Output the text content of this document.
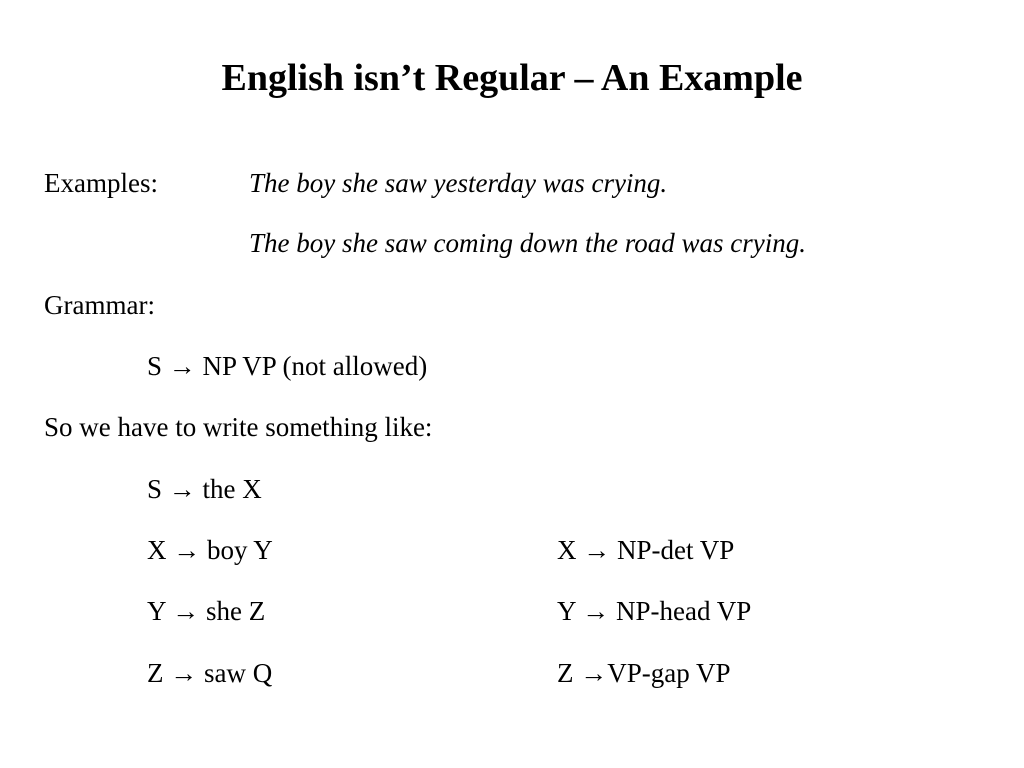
English isn’t Regular – An Example
Examples:	The boy she saw yesterday was crying.
The boy she saw coming down the road was crying.
Grammar:
S → NP VP (not allowed)
So we have to write something like:
S → the X
X → boy Y
Y → she Z
Z → saw Q
X → NP-det VP
Y → NP-head VP
Z →VP-gap VP
